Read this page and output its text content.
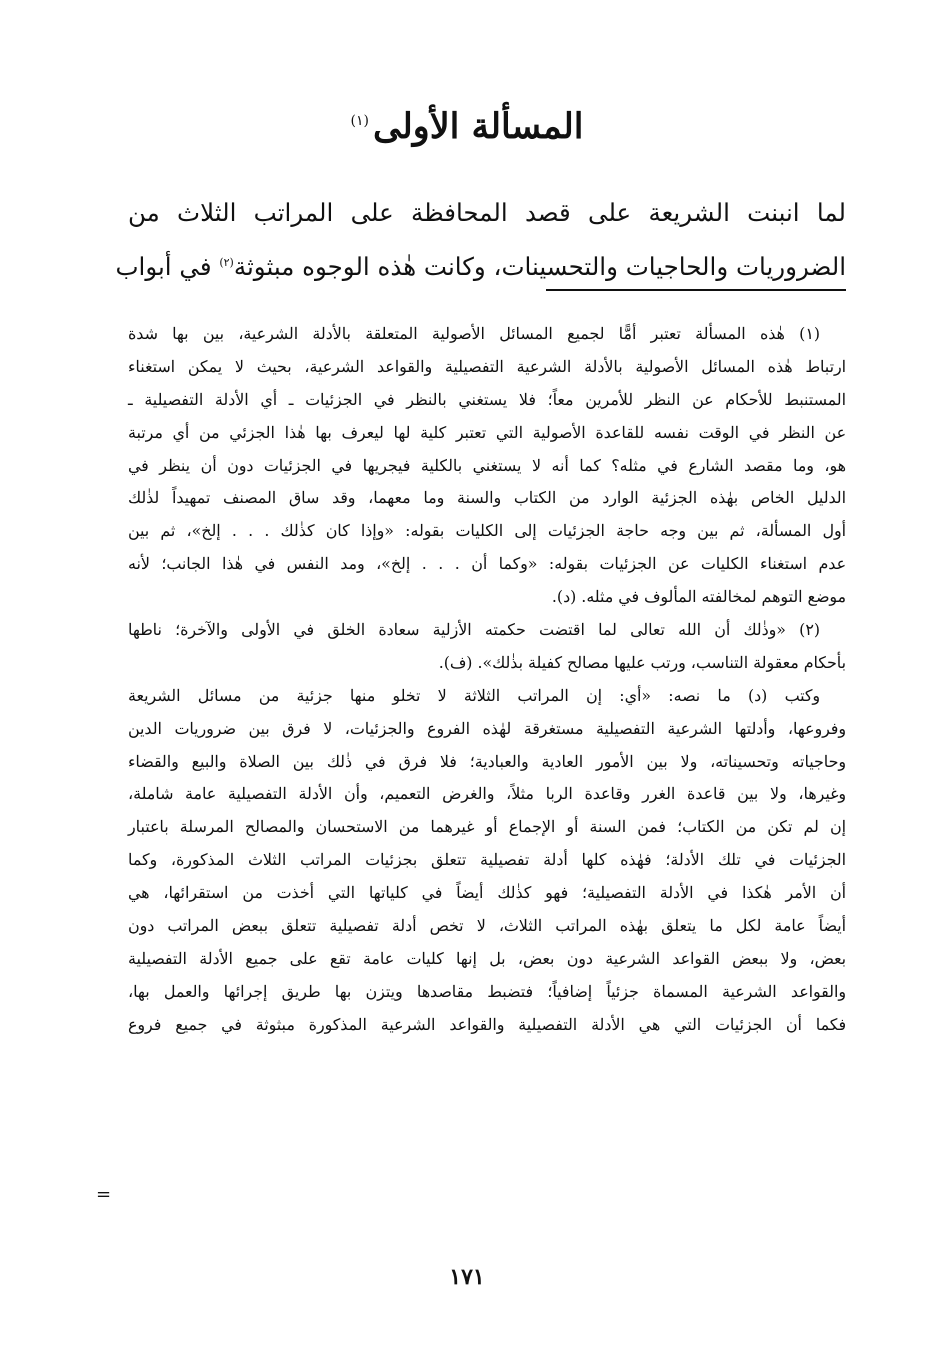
المسألة الأولى$^{(١)}$
لما انبنت الشريعة على قصد المحافظة على المراتب الثلاث من
الضروريات والحاجيات والتحسينات، وكانت هٰذه الوجوه مبثوثة$^{(٢)}$ في أبواب
(١) هٰذه المسألة تعتبر أمًّا لجميع المسائل الأصولية المتعلقة بالأدلة الشرعية، بين بها شدة
ارتباط هٰذه المسائل الأصولية بالأدلة الشرعية التفصيلية والقواعد الشرعية، بحيث لا يمكن استغناء
المستنبط للأحكام عن النظر للأمرين معاً؛ فلا يستغني بالنظر في الجزئيات ـ أي الأدلة التفصيلية ـ
عن النظر في الوقت نفسه للقاعدة الأصولية التي تعتبر كلية لها ليعرف بها هٰذا الجزئي من أي مرتبة
هو، وما مقصد الشارع في مثله؟ كما أنه لا يستغني بالكلية فيجريها في الجزئيات دون أن ينظر في
الدليل الخاص بهٰذه الجزئية الوارد من الكتاب والسنة وما معهما، وقد ساق المصنف تمهيداً لذٰلك
أول المسألة، ثم بين وجه حاجة الجزئيات إلى الكليات بقوله: «وإذا كان كذٰلك . . . إلخ»، ثم بين
عدم استغناء الكليات عن الجزئيات بقوله: «وكما أن . . . إلخ»، ومد النفس في هٰذا الجانب؛ لأنه
موضع التوهم لمخالفته المألوف في مثله. (د).
(٢) «وذٰلك أن الله تعالى لما اقتضت حكمته الأزلية سعادة الخلق في الأولى والآخرة؛ ناطها
بأحكام معقولة التناسب، ورتب عليها مصالح كفيلة بذٰلك». (ف).
وكتب (د) ما نصه: «أي: إن المراتب الثلاثة لا تخلو منها جزئية من مسائل الشريعة
وفروعها، وأدلتها الشرعية التفصيلية مستغرقة لهٰذه الفروع والجزئيات، لا فرق بين ضروريات الدين
وحاجياته وتحسيناته، ولا بين الأمور العادية والعبادية؛ فلا فرق في ذٰلك بين الصلاة والبيع والقضاء
وغيرها، ولا بين قاعدة الغرر وقاعدة الربا مثلاً، والغرض التعميم، وأن الأدلة التفصيلية عامة شاملة،
إن لم تكن من الكتاب؛ فمن السنة أو الإجماع أو غيرهما من الاستحسان والمصالح المرسلة باعتبار
الجزئيات في تلك الأدلة؛ فهٰذه كلها أدلة تفصيلية تتعلق بجزئيات المراتب الثلاث المذكورة، وكما
أن الأمر هٰكذا في الأدلة التفصيلية؛ فهو كذٰلك أيضاً في كلياتها التي أخذت من استقرائها، هي
أيضاً عامة لكل ما يتعلق بهٰذه المراتب الثلاث، لا تخص أدلة تفصيلية تتعلق ببعض المراتب دون
بعض، ولا ببعض القواعد الشرعية دون بعض، بل إنها كليات عامة تقع على جميع الأدلة التفصيلية
والقواعد الشرعية المسماة جزئياً إضافياً؛ فتضبط مقاصدها ويتزن بها طريق إجرائها والعمل بها،
فكما أن الجزئيات التي هي الأدلة التفصيلية والقواعد الشرعية المذكورة مبثوثة في جميع فروع
=
١٧١
